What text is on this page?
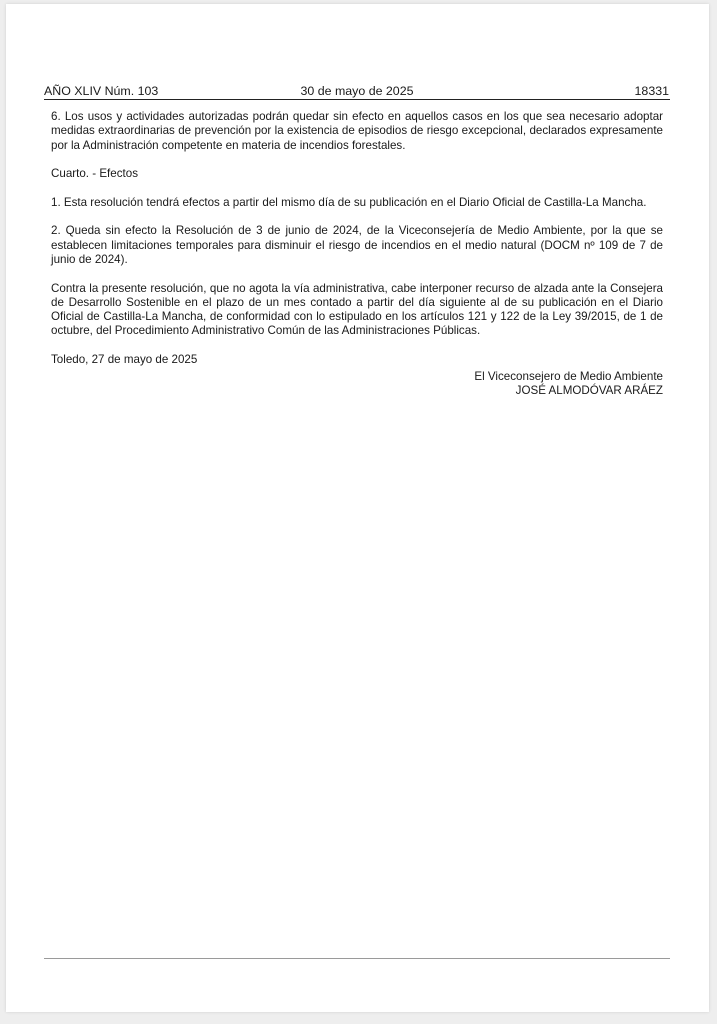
AÑO XLIV Núm. 103	30 de mayo de 2025	18331

6. Los usos y actividades autorizadas podrán quedar sin efecto en aquellos casos en los que sea necesario adoptar medidas extraordinarias de prevención por la existencia de episodios de riesgo excepcional, declarados expresamente por la Administración competente en materia de incendios forestales.

Cuarto. - Efectos

1. Esta resolución tendrá efectos a partir del mismo día de su publicación en el Diario Oficial de Castilla-La Mancha.

2. Queda sin efecto la Resolución de 3 de junio de 2024, de la Viceconsejería de Medio Ambiente, por la que se establecen limitaciones temporales para disminuir el riesgo de incendios en el medio natural (DOCM nº 109 de 7 de junio de 2024).

Contra la presente resolución, que no agota la vía administrativa, cabe interponer recurso de alzada ante la Consejera de Desarrollo Sostenible en el plazo de un mes contado a partir del día siguiente al de su publicación en el Diario Oficial de Castilla-La Mancha, de conformidad con lo estipulado en los artículos 121 y 122 de la Ley 39/2015, de 1 de octubre, del Procedimiento Administrativo Común de las Administraciones Públicas.

Toledo, 27 de mayo de 2025

El Viceconsejero de Medio Ambiente
JOSÉ ALMODÓVAR ARÁEZ
